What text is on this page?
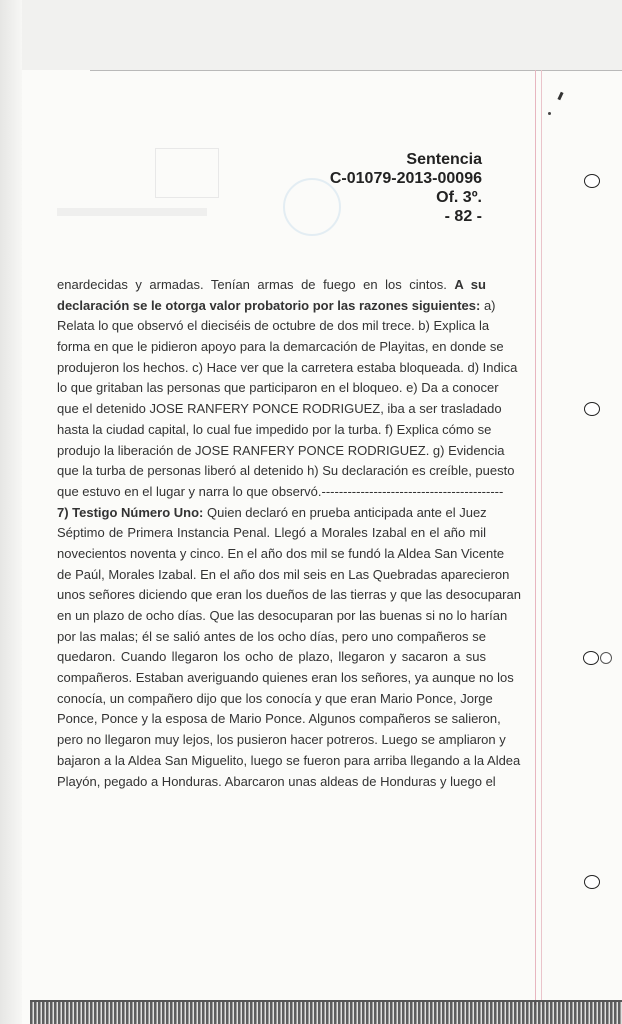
Sentencia
C-01079-2013-00096
Of. 3º.
- 82 -
enardecidas y armadas. Tenían armas de fuego en los cintos. A su
declaración se le otorga valor probatorio por las razones siguientes: a)
Relata lo que observó el dieciséis de octubre de dos mil trece. b) Explica la
forma en que le pidieron apoyo para la demarcación de Playitas, en donde se
produjeron los hechos. c) Hace ver que la carretera estaba bloqueada. d) Indica
lo que gritaban las personas que participaron en el bloqueo. e) Da a conocer
que el detenido JOSE RANFERY PONCE RODRIGUEZ, iba a ser trasladado
hasta la ciudad capital, lo cual fue impedido por la turba. f) Explica cómo se
produjo la liberación de JOSE RANFERY PONCE RODRIGUEZ. g) Evidencia
que la turba de personas liberó al detenido h) Su declaración es creíble, puesto
que estuvo en el lugar y narra lo que observó.------------------------------------------
7) Testigo Número Uno: Quien declaró en prueba anticipada ante el Juez
Séptimo de Primera Instancia Penal. Llegó a Morales Izabal en el año mil
novecientos noventa y cinco. En el año dos mil se fundó la Aldea San Vicente
de Paúl, Morales Izabal. En el año dos mil seis en Las Quebradas aparecieron
unos señores diciendo que eran los dueños de las tierras y que las desocuparan
en un plazo de ocho días. Que las desocuparan por las buenas si no lo harían
por las malas; él se salió antes de los ocho días, pero uno compañeros se
quedaron. Cuando llegaron los ocho de plazo, llegaron y sacaron a sus
compañeros. Estaban averiguando quienes eran los señores, ya aunque no los
conocía, un compañero dijo que los conocía y que eran Mario Ponce, Jorge
Ponce, Ponce y la esposa de Mario Ponce. Algunos compañeros se salieron,
pero no llegaron muy lejos, los pusieron hacer potreros. Luego se ampliaron y
bajaron a la Aldea San Miguelito, luego se fueron para arriba llegando a la Aldea
Playón, pegado a Honduras. Abarcaron unas aldeas de Honduras y luego el
